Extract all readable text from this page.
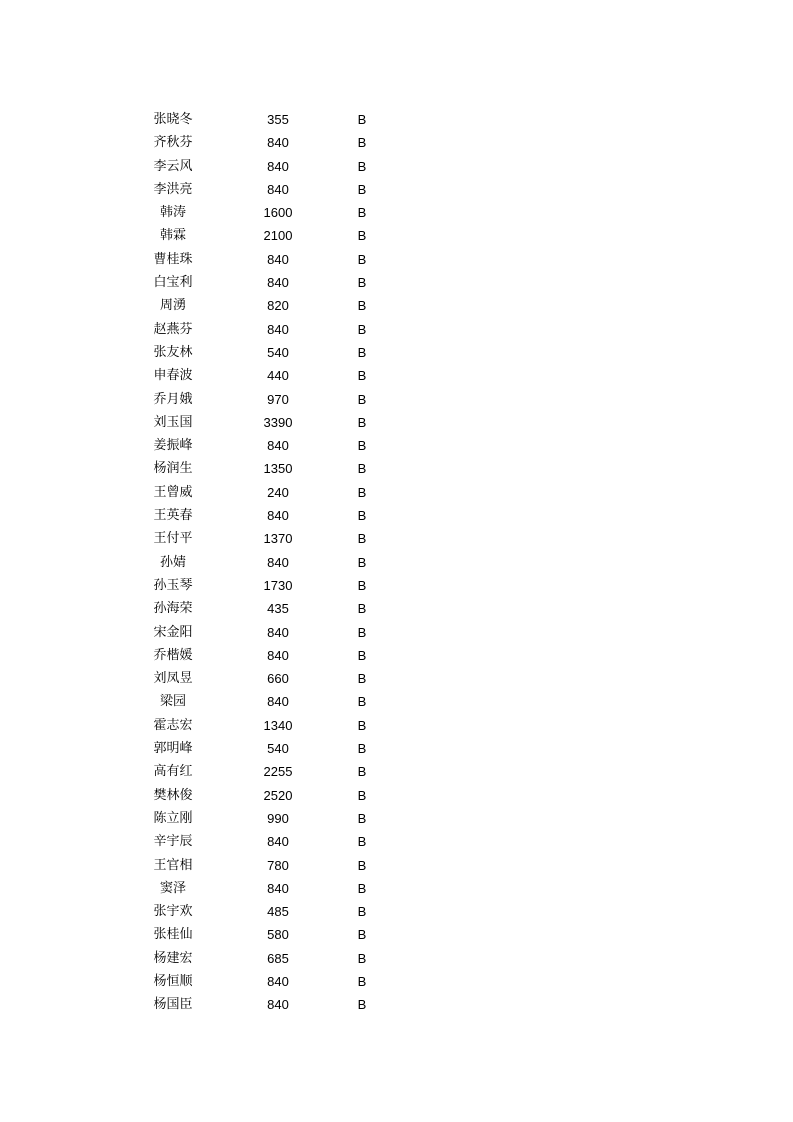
张晓冬	355	B
齐秋芬	840	B
李云风	840	B
李洪亮	840	B
韩涛	1600	B
韩霖	2100	B
曹桂珠	840	B
白宝利	840	B
周湧	820	B
赵燕芬	840	B
张友林	540	B
申春波	440	B
乔月娥	970	B
刘玉国	3390	B
姜振峰	840	B
杨润生	1350	B
王曾威	240	B
王英春	840	B
王付平	1370	B
孙婧	840	B
孙玉琴	1730	B
孙海荣	435	B
宋金阳	840	B
乔楷媛	840	B
刘凤昱	660	B
梁园	840	B
霍志宏	1340	B
郭明峰	540	B
高有红	2255	B
樊林俊	2520	B
陈立刚	990	B
辛宇辰	840	B
王官相	780	B
窦泽	840	B
张宇欢	485	B
张桂仙	580	B
杨建宏	685	B
杨恒顺	840	B
杨国臣	840	B
